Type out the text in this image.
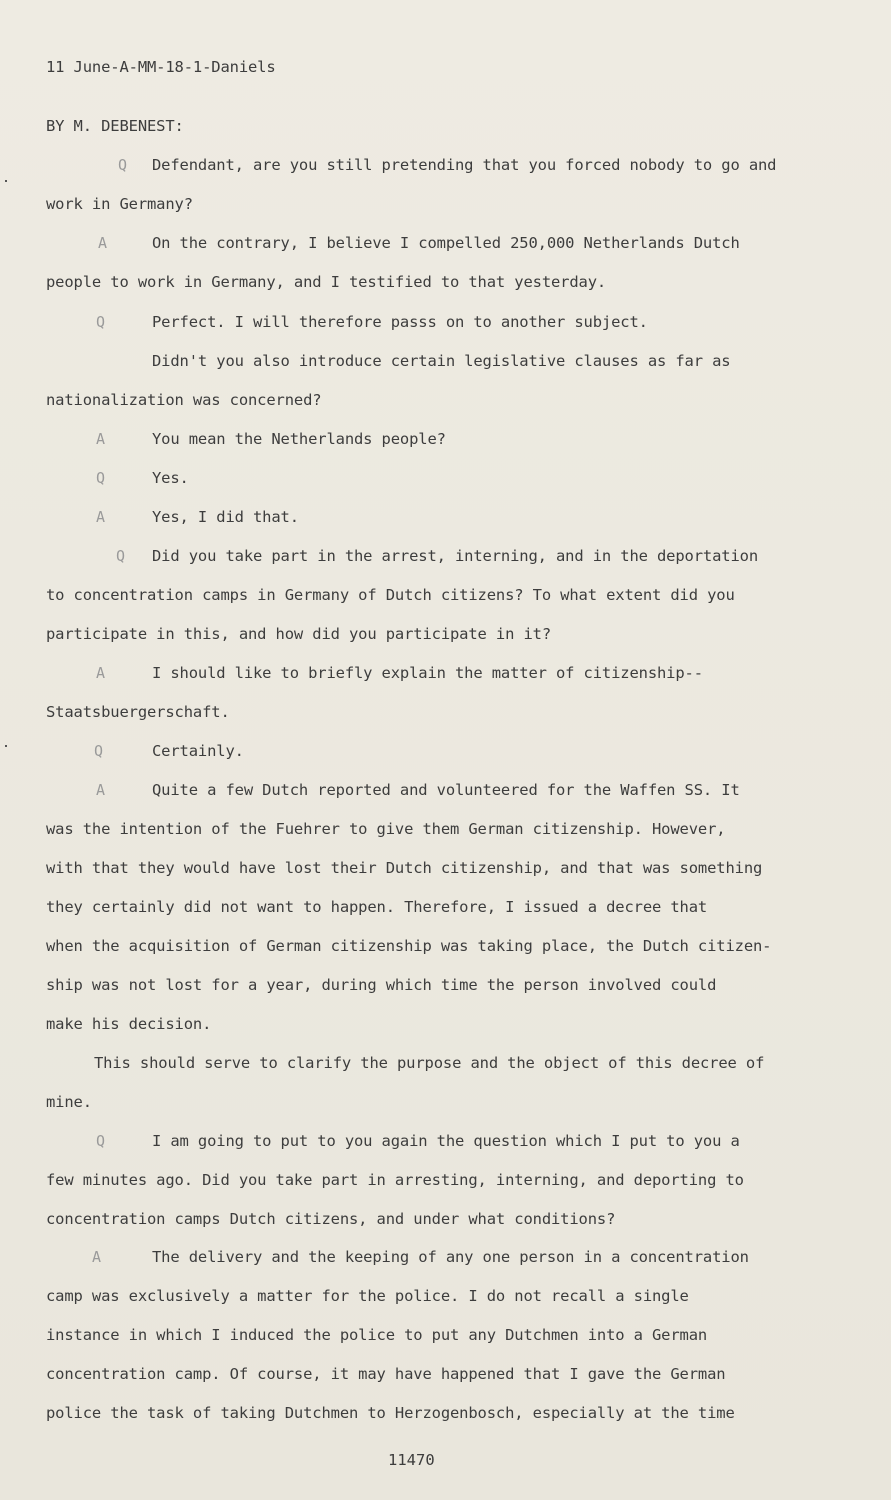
11 June-A-MM-18-1-Daniels
BY M. DEBENEST:
Q
A
Q
A
Q
A
Q
A
Q
A
Q
A
Defendant, are you still pretending that you forced nobody to go and
work in Germany?
On the contrary, I believe I compelled 250,000 Netherlands Dutch
people to work in Germany, and I testified to that yesterday.
Perfect. I will therefore passs on to another subject.
Didn't you also introduce certain legislative clauses as far as
nationalization was concerned?
You mean the Netherlands people?
Yes.
Yes, I did that.
Did you take part in the arrest, interning, and in the deportation
to concentration camps in Germany of Dutch citizens? To what extent did you
participate in this, and how did you participate in it?
I should like to briefly explain the matter of citizenship--
Staatsbuergerschaft.
Certainly.
Quite a few Dutch reported and volunteered for the Waffen SS. It
was the intention of the Fuehrer to give them German citizenship. However,
with that they would have lost their Dutch citizenship, and that was something
they certainly did not want to happen. Therefore, I issued a decree that
when the acquisition of German citizenship was taking place, the Dutch citizen-
ship was not lost for a year, during which time the person involved could
make his decision.
This should serve to clarify the purpose and the object of this decree of
mine.
I am going to put to you again the question which I put to you a
few minutes ago. Did you take part in arresting, interning, and deporting to
concentration camps Dutch citizens, and under what conditions?
The delivery and the keeping of any one person in a concentration
camp was exclusively a matter for the police. I do not recall a single
instance in which I induced the police to put any Dutchmen into a German
concentration camp. Of course, it may have happened that I gave the German
police the task of taking Dutchmen to Herzogenbosch, especially at the time
11470
